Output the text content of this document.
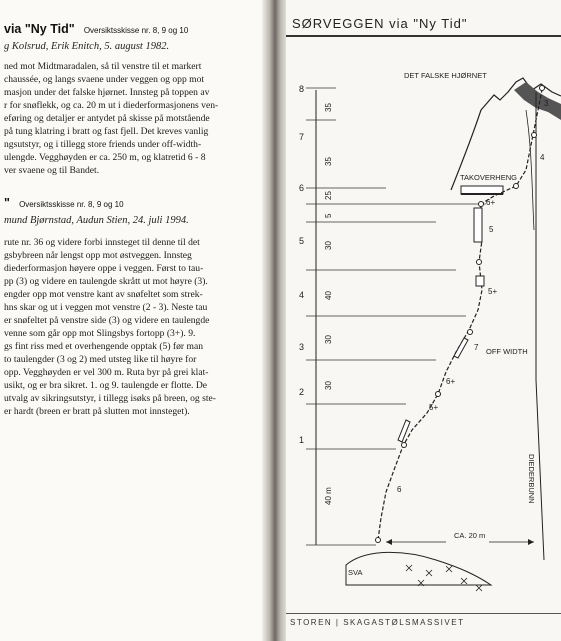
via "Ny Tid" Oversiktsskisse nr. 8, 9 og 10
g Kolsrud, Erik Enitch, 5. august 1982.
ned mot Midtmaradalen, så til venstre til et markert
chaussée, og langs svaene under veggen og opp mot
masjon under det falske hjørnet. Innsteg på toppen av
r for snøflekk, og ca. 20 m ut i diederformasjonens ven-
eføring og detaljer er antydet på skisse på motstående
på tung klatring i bratt og fast fjell. Det kreves vanlig
ngsutstyr, og i tillegg store friends under off-width-
ulengde. Vegghøyden er ca. 250 m, og klatretid 6 - 8
ver svaene og til Bandet.
" Oversiktsskisse nr. 8, 9 og 10
mund Bjørnstad, Audun Stien, 24. juli 1994.
rute nr. 36 og videre forbi innsteget til denne til det
gsbybreen når lengst opp mot østveggen. Innsteg
diederformasjon høyere oppe i veggen. Først to tau-
pp (3) og videre en taulengde skrått ut mot høyre (3).
engder opp mot venstre kant av snøfeltet som strek-
hns skar og ut i veggen mot venstre (2 - 3). Neste tau
er snøfeltet på venstre side (3) og videre en taulengde
venne som går opp mot Slingsbys fortopp (3+). 9.
gs fint riss med et overhengende opptak (5) før man
to taulengder (3 og 2) med utsteg like til høyre for
opp. Vegghøyden er vel 300 m. Ruta byr på grei klat-
usikt, og er bra sikret. 1. og 9. taulengde er flotte. De
utvalg av sikringsutstyr, i tillegg isøks på breen, og ste-
er hardt (breen er bratt på slutten mot innsteget).
SØRVEGGEN via "Ny Tid"
8
7
6
5
4
3
2
1
35
35
25
5
30
40
30
30
40 m
3
4
6+
5
5+
7
6+
5+
6
DET FALSKE HJØRNET
TAKOVERHENG
OFF WIDTH
DIEDERBUNN
CA. 20 m
SVA
STOREN | SKAGASTØLSMASSIVET
